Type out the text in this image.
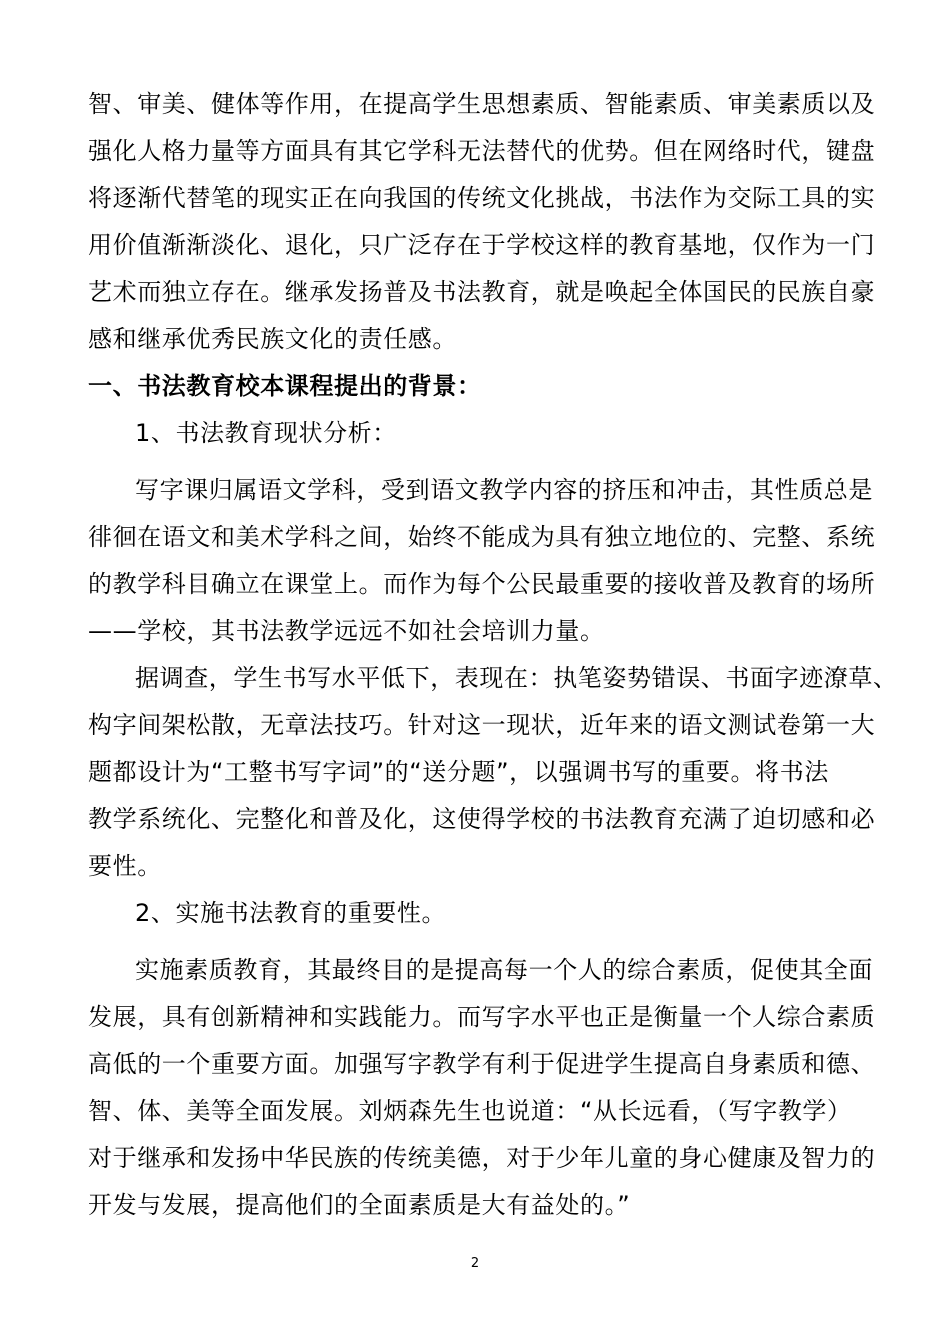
智、审美、健体等作用，在提高学生思想素质、智能素质、审美素质以及
强化人格力量等方面具有其它学科无法替代的优势。但在网络时代，键盘
将逐渐代替笔的现实正在向我国的传统文化挑战，书法作为交际工具的实
用价值渐渐淡化、退化，只广泛存在于学校这样的教育基地，仅作为一门
艺术而独立存在。继承发扬普及书法教育，就是唤起全体国民的民族自豪
感和继承优秀民族文化的责任感。
一、书法教育校本课程提出的背景：
1、书法教育现状分析：
写字课归属语文学科，受到语文教学内容的挤压和冲击，其性质总是
徘徊在语文和美术学科之间，始终不能成为具有独立地位的、完整、系统
的教学科目确立在课堂上。而作为每个公民最重要的接收普及教育的场所
——学校，其书法教学远远不如社会培训力量。
据调查，学生书写水平低下，表现在：执笔姿势错误、书面字迹潦草、
构字间架松散，无章法技巧。针对这一现状，近年来的语文测试卷第一大
题都设计为“工整书写字词”的“送分题”，以强调书写的重要。将书法
教学系统化、完整化和普及化，这使得学校的书法教育充满了迫切感和必
要性。
2、实施书法教育的重要性。
实施素质教育，其最终目的是提高每一个人的综合素质，促使其全面
发展，具有创新精神和实践能力。而写字水平也正是衡量一个人综合素质
高低的一个重要方面。加强写字教学有利于促进学生提高自身素质和德、
智、体、美等全面发展。刘炳森先生也说道：“从长远看，（写字教学）
对于继承和发扬中华民族的传统美德，对于少年儿童的身心健康及智力的
开发与发展，提高他们的全面素质是大有益处的。”
2
